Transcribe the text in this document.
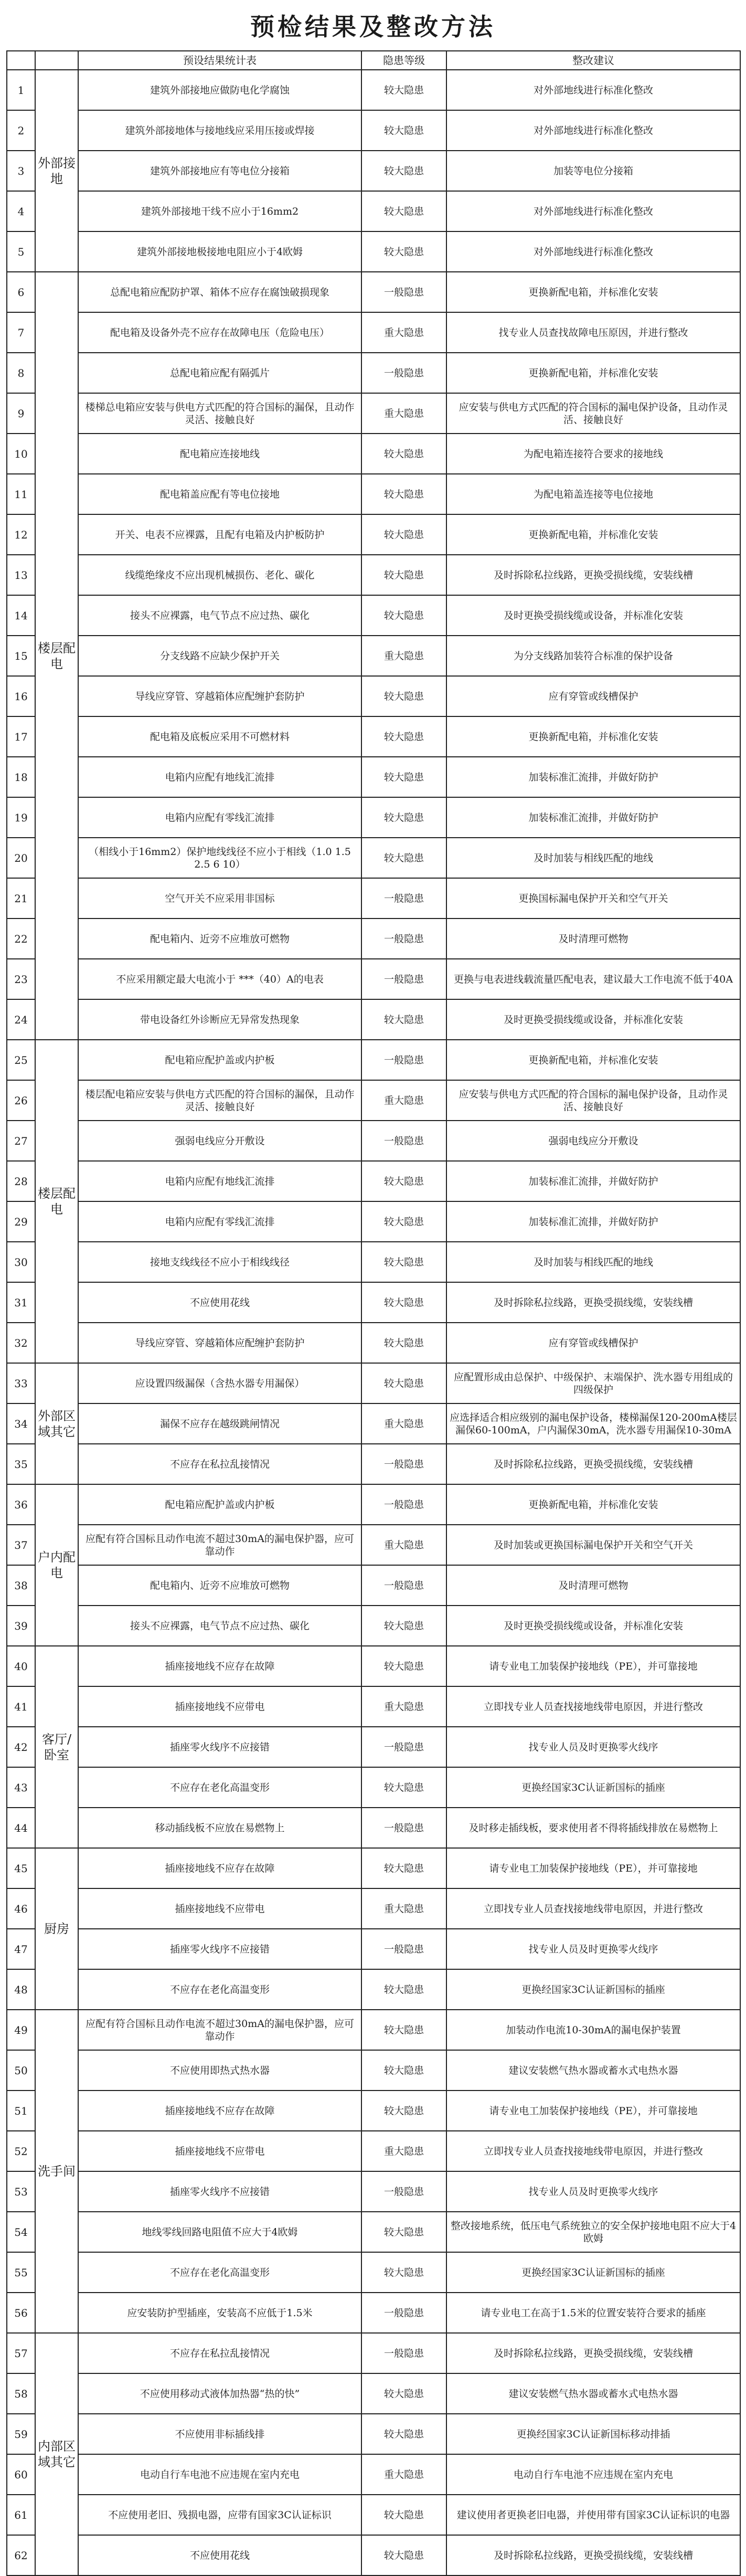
预检结果及整改方法
		预设结果统计表	隐患等级	整改建议
1	外部接地	建筑外部接地应做防电化学腐蚀	较大隐患	对外部地线进行标准化整改
2		建筑外部接地体与接地线应采用压接或焊接	较大隐患	对外部地线进行标准化整改
3		建筑外部接地应有等电位分接箱	较大隐患	加装等电位分接箱
4		建筑外部接地干线不应小于16mm2	较大隐患	对外部地线进行标准化整改
5		建筑外部接地极接地电阻应小于4欧姆	较大隐患	对外部地线进行标准化整改
6	楼层配电	总配电箱应配防护罩、箱体不应存在腐蚀破损现象	一般隐患	更换新配电箱，并标准化安装
7		配电箱及设备外壳不应存在故障电压（危险电压）	重大隐患	找专业人员查找故障电压原因，并进行整改
8		总配电箱应配有隔弧片	一般隐患	更换新配电箱，并标准化安装
9		楼梯总电箱应安装与供电方式匹配的符合国标的漏保，且动作灵活、接触良好	重大隐患	应安装与供电方式匹配的符合国标的漏电保护设备，且动作灵活、接触良好
10		配电箱应连接地线	较大隐患	为配电箱连接符合要求的接地线
11		配电箱盖应配有等电位接地	较大隐患	为配电箱盖连接等电位接地
12		开关、电表不应裸露，且配有电箱及内护板防护	较大隐患	更换新配电箱，并标准化安装
13		线缆绝缘皮不应出现机械损伤、老化、碳化	较大隐患	及时拆除私拉线路，更换受损线缆，安装线槽
14		接头不应裸露，电气节点不应过热、碳化	较大隐患	及时更换受损线缆或设备，并标准化安装
15		分支线路不应缺少保护开关	重大隐患	为分支线路加装符合标准的保护设备
16		导线应穿管、穿越箱体应配缠护套防护	较大隐患	应有穿管或线槽保护
17		配电箱及底板应采用不可燃材料	较大隐患	更换新配电箱，并标准化安装
18		电箱内应配有地线汇流排	较大隐患	加装标准汇流排，并做好防护
19		电箱内应配有零线汇流排	较大隐患	加装标准汇流排，并做好防护
20		（相线小于16mm2）保护地线线径不应小于相线（1.0 1.5 2.5 6 10）	较大隐患	及时加装与相线匹配的地线
21		空气开关不应采用非国标	一般隐患	更换国标漏电保护开关和空气开关
22		配电箱内、近旁不应堆放可燃物	一般隐患	及时清理可燃物
23		不应采用额定最大电流小于 ***（40）A的电表	一般隐患	更换与电表进线载流量匹配电表，建议最大工作电流不低于40A
24		带电设备红外诊断应无异常发热现象	较大隐患	及时更换受损线缆或设备，并标准化安装
25	楼层配电	配电箱应配护盖或内护板	一般隐患	更换新配电箱，并标准化安装
26		楼层配电箱应安装与供电方式匹配的符合国标的漏保，且动作灵活、接触良好	重大隐患	应安装与供电方式匹配的符合国标的漏电保护设备，且动作灵活、接触良好
27		强弱电线应分开敷设	一般隐患	强弱电线应分开敷设
28		电箱内应配有地线汇流排	较大隐患	加装标准汇流排，并做好防护
29		电箱内应配有零线汇流排	较大隐患	加装标准汇流排，并做好防护
30		接地支线线径不应小于相线线径	较大隐患	及时加装与相线匹配的地线
31		不应使用花线	较大隐患	及时拆除私拉线路，更换受损线缆，安装线槽
32		导线应穿管、穿越箱体应配缠护套防护	较大隐患	应有穿管或线槽保护
33	外部区域其它	应设置四级漏保（含热水器专用漏保）	较大隐患	应配置形成由总保护、中级保护、末端保护、洗水器专用组成的四级保护
34		漏保不应存在越级跳闸情况	重大隐患	应选择适合相应级别的漏电保护设备，楼梯漏保120-200mA楼层漏保60-100mA，户内漏保30mA，洗水器专用漏保10-30mA
35		不应存在私拉乱接情况	一般隐患	及时拆除私拉线路，更换受损线缆，安装线槽
36	户内配电	配电箱应配护盖或内护板	一般隐患	更换新配电箱，并标准化安装
37		应配有符合国标且动作电流不超过30mA的漏电保护器，应可靠动作	重大隐患	及时加装或更换国标漏电保护开关和空气开关
38		配电箱内、近旁不应堆放可燃物	一般隐患	及时清理可燃物
39		接头不应裸露，电气节点不应过热、碳化	较大隐患	及时更换受损线缆或设备，并标准化安装
40	客厅/卧室	插座接地线不应存在故障	较大隐患	请专业电工加装保护接地线（PE），并可靠接地
41		插座接地线不应带电	重大隐患	立即找专业人员查找接地线带电原因，并进行整改
42		插座零火线序不应接错	一般隐患	找专业人员及时更换零火线序
43		不应存在老化高温变形	较大隐患	更换经国家3C认证新国标的插座
44		移动插线板不应放在易燃物上	一般隐患	及时移走插线板，要求使用者不得将插线排放在易燃物上
45	厨房	插座接地线不应存在故障	较大隐患	请专业电工加装保护接地线（PE），并可靠接地
46		插座接地线不应带电	重大隐患	立即找专业人员查找接地线带电原因，并进行整改
47		插座零火线序不应接错	一般隐患	找专业人员及时更换零火线序
48		不应存在老化高温变形	较大隐患	更换经国家3C认证新国标的插座
49	洗手间	应配有符合国标且动作电流不超过30mA的漏电保护器，应可靠动作	较大隐患	加装动作电流10-30mA的漏电保护装置
50		不应使用即热式热水器	较大隐患	建议安装燃气热水器或蓄水式电热水器
51		插座接地线不应存在故障	较大隐患	请专业电工加装保护接地线（PE），并可靠接地
52		插座接地线不应带电	重大隐患	立即找专业人员查找接地线带电原因，并进行整改
53		插座零火线序不应接错	一般隐患	找专业人员及时更换零火线序
54		地线零线回路电阻值不应大于4欧姆	较大隐患	整改接地系统，低压电气系统独立的安全保护接地电阻不应大于4欧姆
55		不应存在老化高温变形	较大隐患	更换经国家3C认证新国标的插座
56		应安装防护型插座，安装高不应低于1.5米	一般隐患	请专业电工在高于1.5米的位置安装符合要求的插座
57	内部区域其它	不应存在私拉乱接情况	一般隐患	及时拆除私拉线路，更换受损线缆，安装线槽
58		不应使用移动式液体加热器“热的快”	较大隐患	建议安装燃气热水器或蓄水式电热水器
59		不应使用非标插线排	较大隐患	更换经国家3C认证新国标移动排插
60		电动自行车电池不应违规在室内充电	重大隐患	电动自行车电池不应违规在室内充电
61		不应使用老旧、残损电器，应带有国家3C认证标识	较大隐患	建议使用者更换老旧电器，并使用带有国家3C认证标识的电器
62		不应使用花线	较大隐患	及时拆除私拉线路，更换受损线缆，安装线槽
